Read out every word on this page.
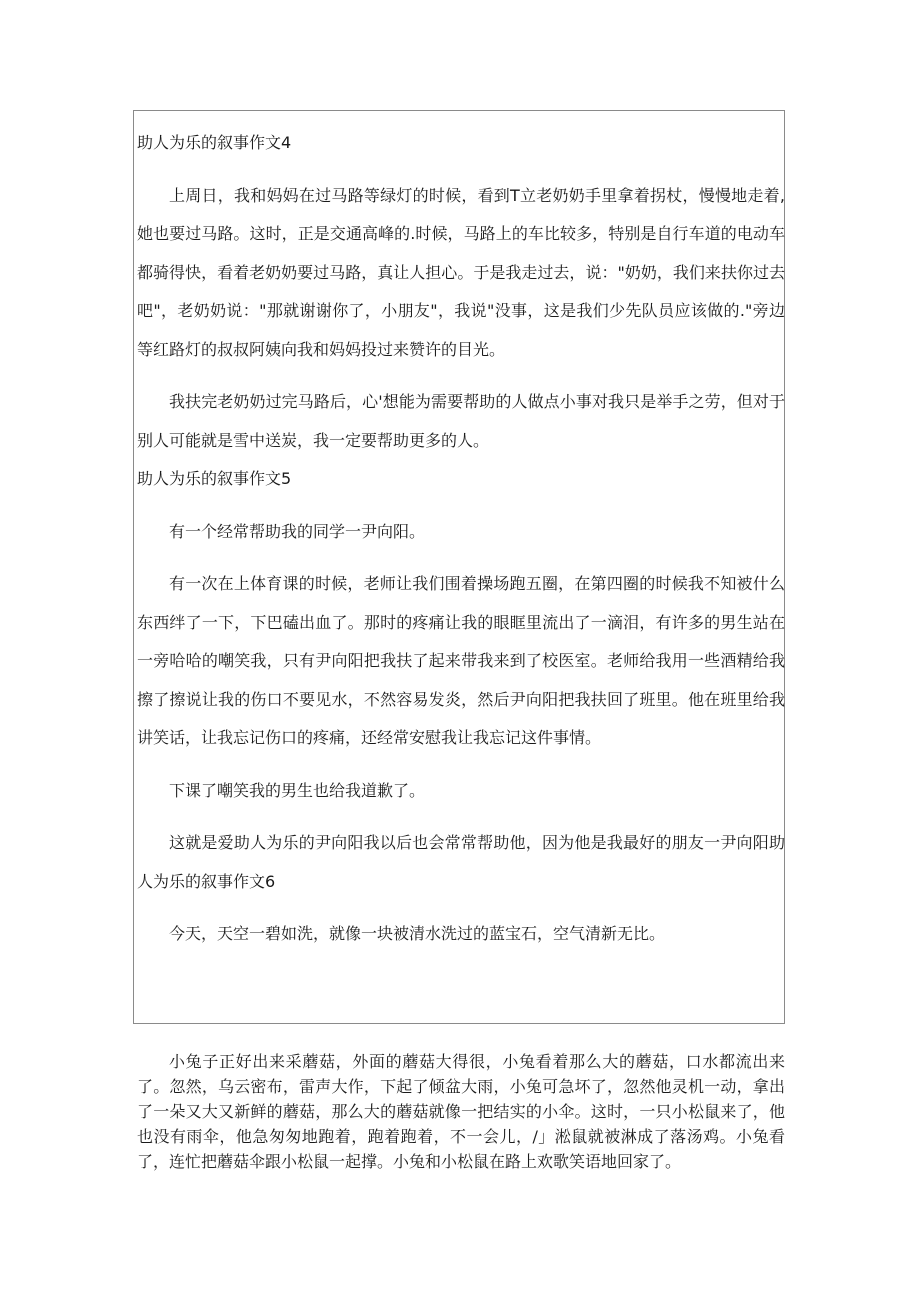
助人为乐的叙事作文4

上周日，我和妈妈在过马路等绿灯的时候，看到T立老奶奶手里拿着拐杖，慢慢地走着,她也要过马路。这时，正是交通高峰的.时候，马路上的车比较多，特别是自行车道的电动车都骑得快，看着老奶奶要过马路，真让人担心。于是我走过去，说："奶奶，我们来扶你过去吧"，老奶奶说："那就谢谢你了，小朋友"，我说"没事，这是我们少先队员应该做的."旁边等红路灯的叔叔阿姨向我和妈妈投过来赞许的目光。

我扶完老奶奶过完马路后，心'想能为需要帮助的人做点小事对我只是举手之劳，但对于别人可能就是雪中送炭，我一定要帮助更多的人。

助人为乐的叙事作文5

有一个经常帮助我的同学一尹向阳。

有一次在上体育课的时候，老师让我们围着操场跑五圈，在第四圈的时候我不知被什么东西绊了一下，下巴磕出血了。那时的疼痛让我的眼眶里流出了一滴泪，有许多的男生站在一旁哈哈的嘲笑我，只有尹向阳把我扶了起来带我来到了校医室。老师给我用一些酒精给我擦了擦说让我的伤口不要见水，不然容易发炎，然后尹向阳把我扶回了班里。他在班里给我讲笑话，让我忘记伤口的疼痛，还经常安慰我让我忘记这件事情。

下课了嘲笑我的男生也给我道歉了。

这就是爱助人为乐的尹向阳我以后也会常常帮助他，因为他是我最好的朋友一尹向阳助人为乐的叙事作文6

今天，天空一碧如洗，就像一块被清水洗过的蓝宝石，空气清新无比。

小兔子正好出来采蘑菇，外面的蘑菇大得很，小兔看着那么大的蘑菇，口水都流出来了。忽然，乌云密布，雷声大作，下起了倾盆大雨，小兔可急坏了，忽然他灵机一动，拿出了一朵又大又新鲜的蘑菇，那么大的蘑菇就像一把结实的小伞。这时，一只小松鼠来了，他也没有雨伞，他急匆匆地跑着，跑着跑着，不一会儿，/」淞鼠就被淋成了落汤鸡。小兔看了，连忙把蘑菇伞跟小松鼠一起撑。小兔和小松鼠在路上欢歌笑语地回家了。
